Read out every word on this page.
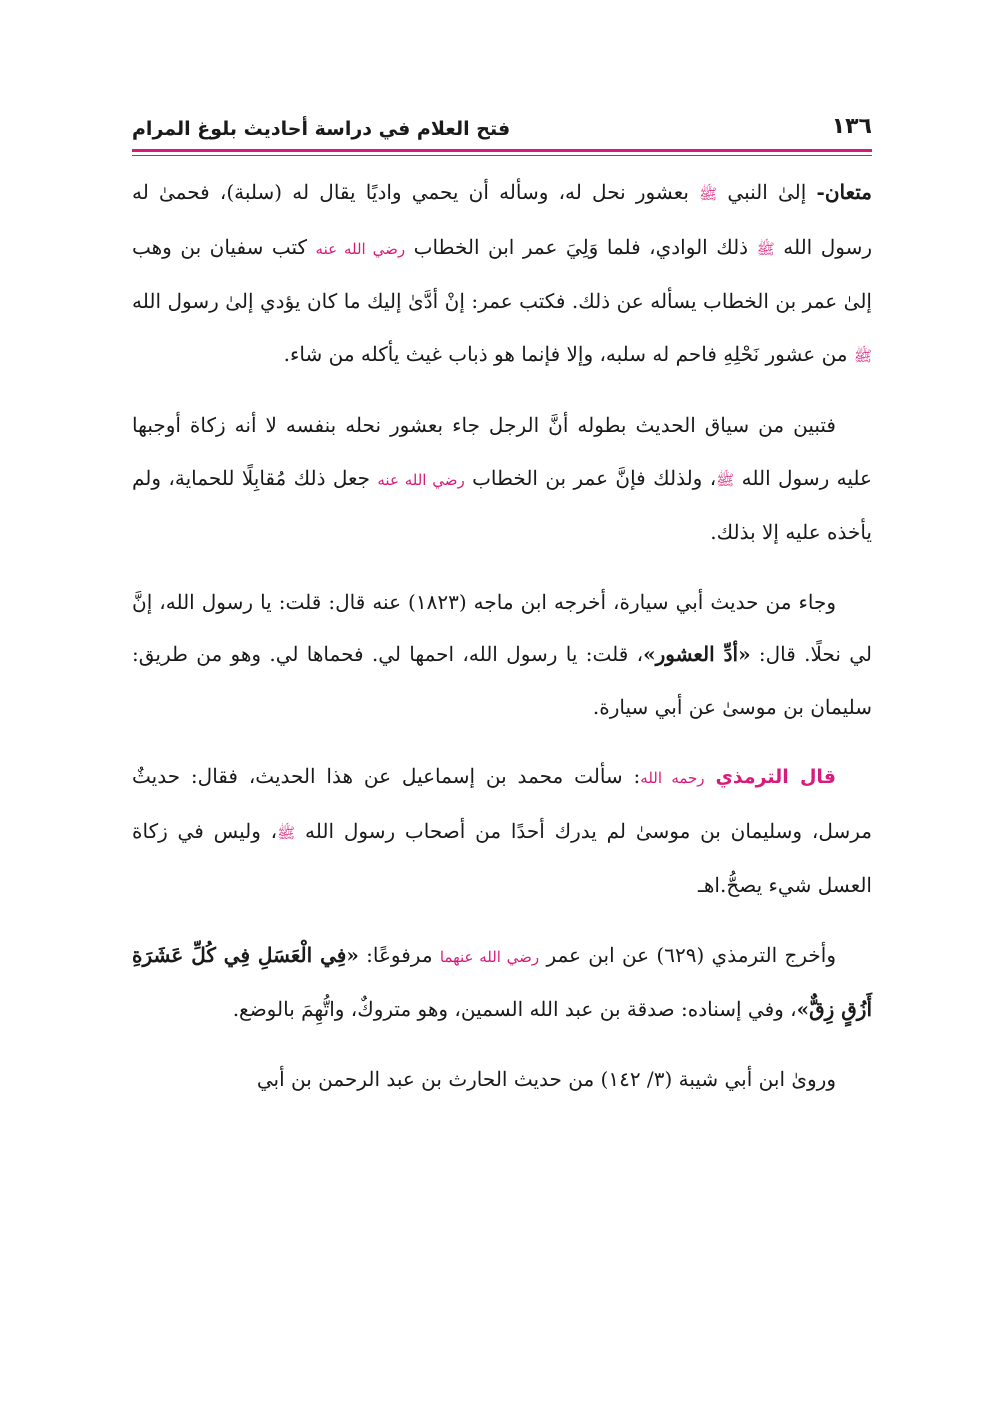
١٣٦
فتح العلام في دراسة أحاديث بلوغ المرام

متعان- إلىٰ النبي ﷺ بعشور نحل له، وسأله أن يحمي واديًا يقال له (سلبة)، فحمىٰ له رسول الله ﷺ ذلك الوادي، فلما وَلِيَ عمر ابن الخطاب رضي الله عنه كتب سفيان بن وهب إلىٰ عمر بن الخطاب يسأله عن ذلك. فكتب عمر: إنْ أدَّىٰ إليك ما كان يؤدي إلىٰ رسول الله ﷺ من عشور نَحْلِهِ فاحم له سلبه، وإلا فإنما هو ذباب غيث يأكله من شاء.

فتبين من سياق الحديث بطوله أنَّ الرجل جاء بعشور نحله بنفسه لا أنه زكاة أوجبها عليه رسول الله ﷺ، ولذلك فإنَّ عمر بن الخطاب رضي الله عنه جعل ذلك مُقابِلًا للحماية، ولم يأخذه عليه إلا بذلك.

وجاء من حديث أبي سيارة، أخرجه ابن ماجه (١٨٢٣) عنه قال: قلت: يا رسول الله، إنَّ لي نحلًا. قال: «أدِّ العشور»، قلت: يا رسول الله، احمها لي. فحماها لي. وهو من طريق: سليمان بن موسىٰ عن أبي سيارة.

قال الترمذي رحمه الله: سألت محمد بن إسماعيل عن هذا الحديث، فقال: حديثٌ مرسل، وسليمان بن موسىٰ لم يدرك أحدًا من أصحاب رسول الله ﷺ، وليس في زكاة العسل شيء يصحُّ.اهـ

وأخرج الترمذي (٦٢٩) عن ابن عمر رضي الله عنهما مرفوعًا: «فِي الْعَسَلِ فِي كُلِّ عَشَرَةِ أَزُقٍ زِقٌّ»، وفي إسناده: صدقة بن عبد الله السمين، وهو متروكٌ، واتُّهِمَ بالوضع.

ورویٰ ابن أبي شيبة (٣/ ١٤٢) من حديث الحارث بن عبد الرحمن بن أبي
